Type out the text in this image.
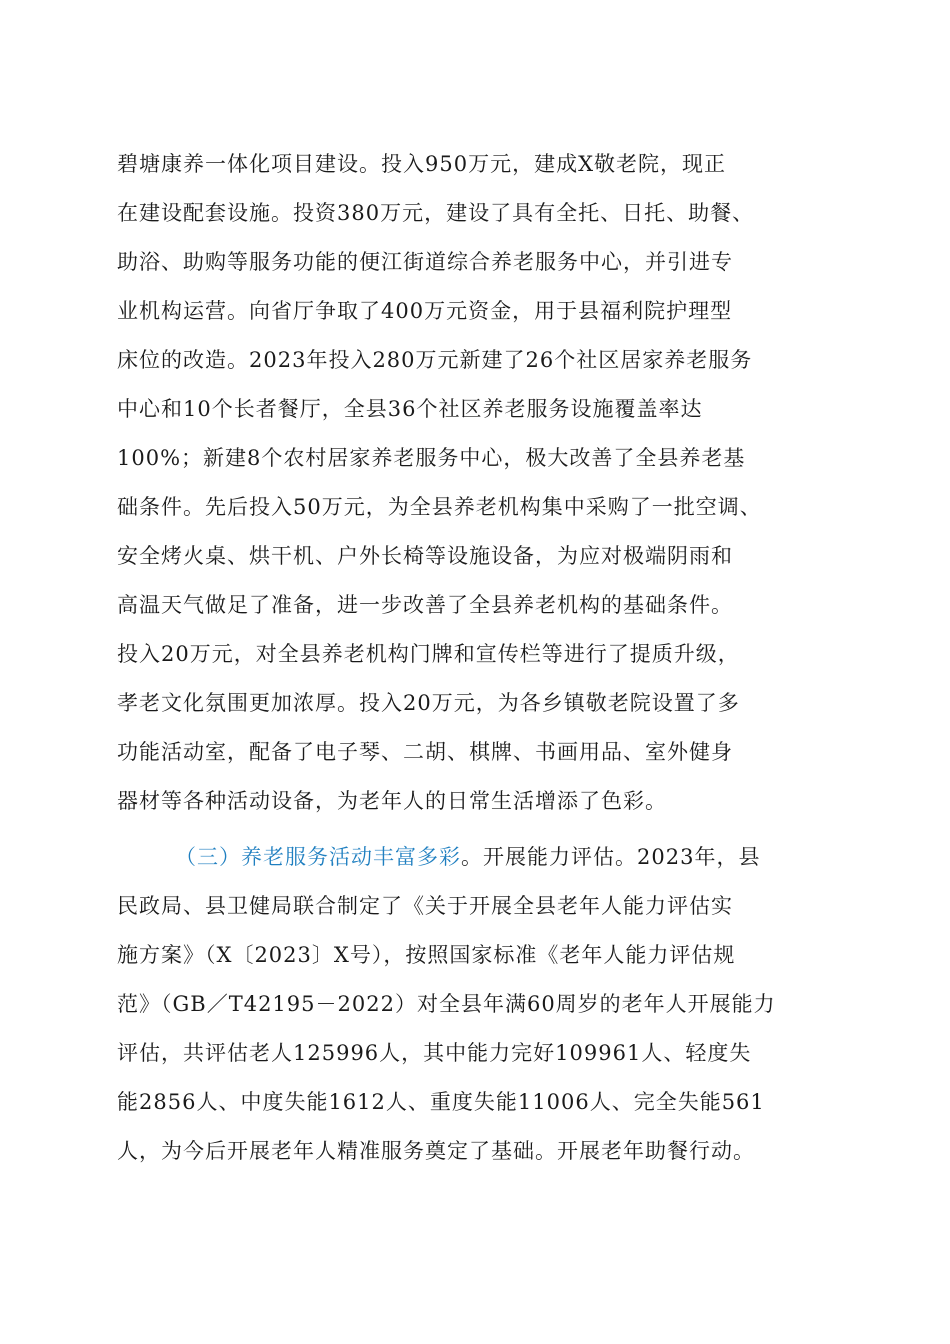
碧塘康养一体化项目建设。投入950万元，建成X敬老院，现正
在建设配套设施。投资380万元，建设了具有全托、日托、助餐、
助浴、助购等服务功能的便江街道综合养老服务中心，并引进专
业机构运营。向省厅争取了400万元资金，用于县福利院护理型
床位的改造。2023年投入280万元新建了26个社区居家养老服务
中心和10个长者餐厅，全县36个社区养老服务设施覆盖率达
100%；新建8个农村居家养老服务中心，极大改善了全县养老基
础条件。先后投入50万元，为全县养老机构集中采购了一批空调、
安全烤火桌、烘干机、户外长椅等设施设备，为应对极端阴雨和
高温天气做足了准备，进一步改善了全县养老机构的基础条件。
投入20万元，对全县养老机构门牌和宣传栏等进行了提质升级，
孝老文化氛围更加浓厚。投入20万元，为各乡镇敬老院设置了多
功能活动室，配备了电子琴、二胡、棋牌、书画用品、室外健身
器材等各种活动设备，为老年人的日常生活增添了色彩。
（三）养老服务活动丰富多彩。开展能力评估。2023年，县
民政局、县卫健局联合制定了《关于开展全县老年人能力评估实
施方案》（X〔2023〕X号），按照国家标准《老年人能力评估规
范》（GB／T42195－2022）对全县年满60周岁的老年人开展能力
评估，共评估老人125996人，其中能力完好109961人、轻度失
能2856人、中度失能1612人、重度失能11006人、完全失能561
人，为今后开展老年人精准服务奠定了基础。开展老年助餐行动。
